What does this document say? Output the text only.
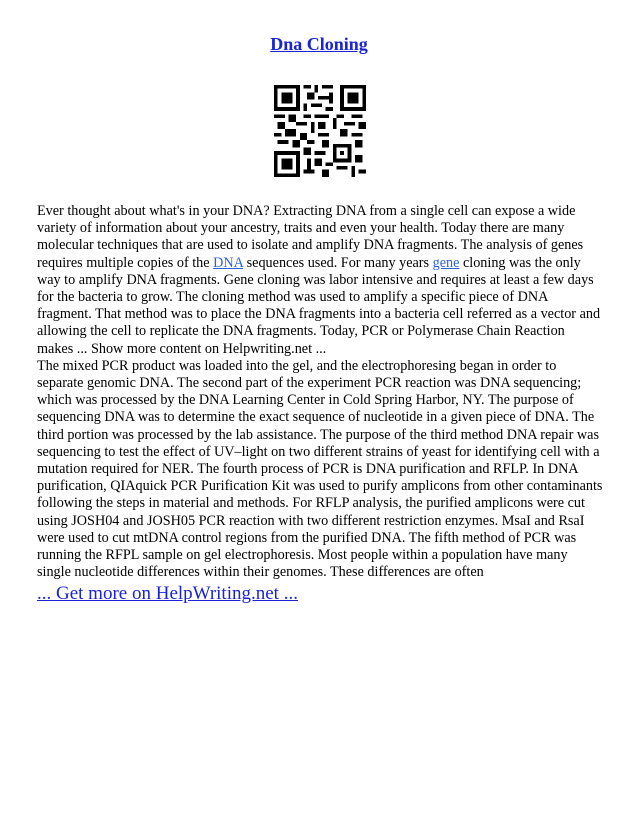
Dna Cloning

Ever thought about what's in your DNA? Extracting DNA from a single cell can expose a wide variety of information about your ancestry, traits and even your health. Today there are many molecular techniques that are used to isolate and amplify DNA fragments. The analysis of genes requires multiple copies of the DNA sequences used. For many years gene cloning was the only way to amplify DNA fragments. Gene cloning was labor intensive and requires at least a few days for the bacteria to grow. The cloning method was used to amplify a specific piece of DNA fragment. That method was to place the DNA fragments into a bacteria cell referred as a vector and allowing the cell to replicate the DNA fragments. Today, PCR or Polymerase Chain Reaction makes ... Show more content on Helpwriting.net ...

The mixed PCR product was loaded into the gel, and the electrophoresing began in order to separate genomic DNA. The second part of the experiment PCR reaction was DNA sequencing; which was processed by the DNA Learning Center in Cold Spring Harbor, NY. The purpose of sequencing DNA was to determine the exact sequence of nucleotide in a given piece of DNA. The third portion was processed by the lab assistance. The purpose of the third method DNA repair was sequencing to test the effect of UV–light on two different strains of yeast for identifying cell with a mutation required for NER. The fourth process of PCR is DNA purification and RFLP. In DNA purification, QIAquick PCR Purification Kit was used to purify amplicons from other contaminants following the steps in material and methods. For RFLP analysis, the purified amplicons were cut using JOSH04 and JOSH05 PCR reaction with two different restriction enzymes. MsaI and RsaI were used to cut mtDNA control regions from the purified DNA. The fifth method of PCR was running the RFPL sample on gel electrophoresis. Most people within a population have many single nucleotide differences within their genomes. These differences are often

... Get more on HelpWriting.net ...
